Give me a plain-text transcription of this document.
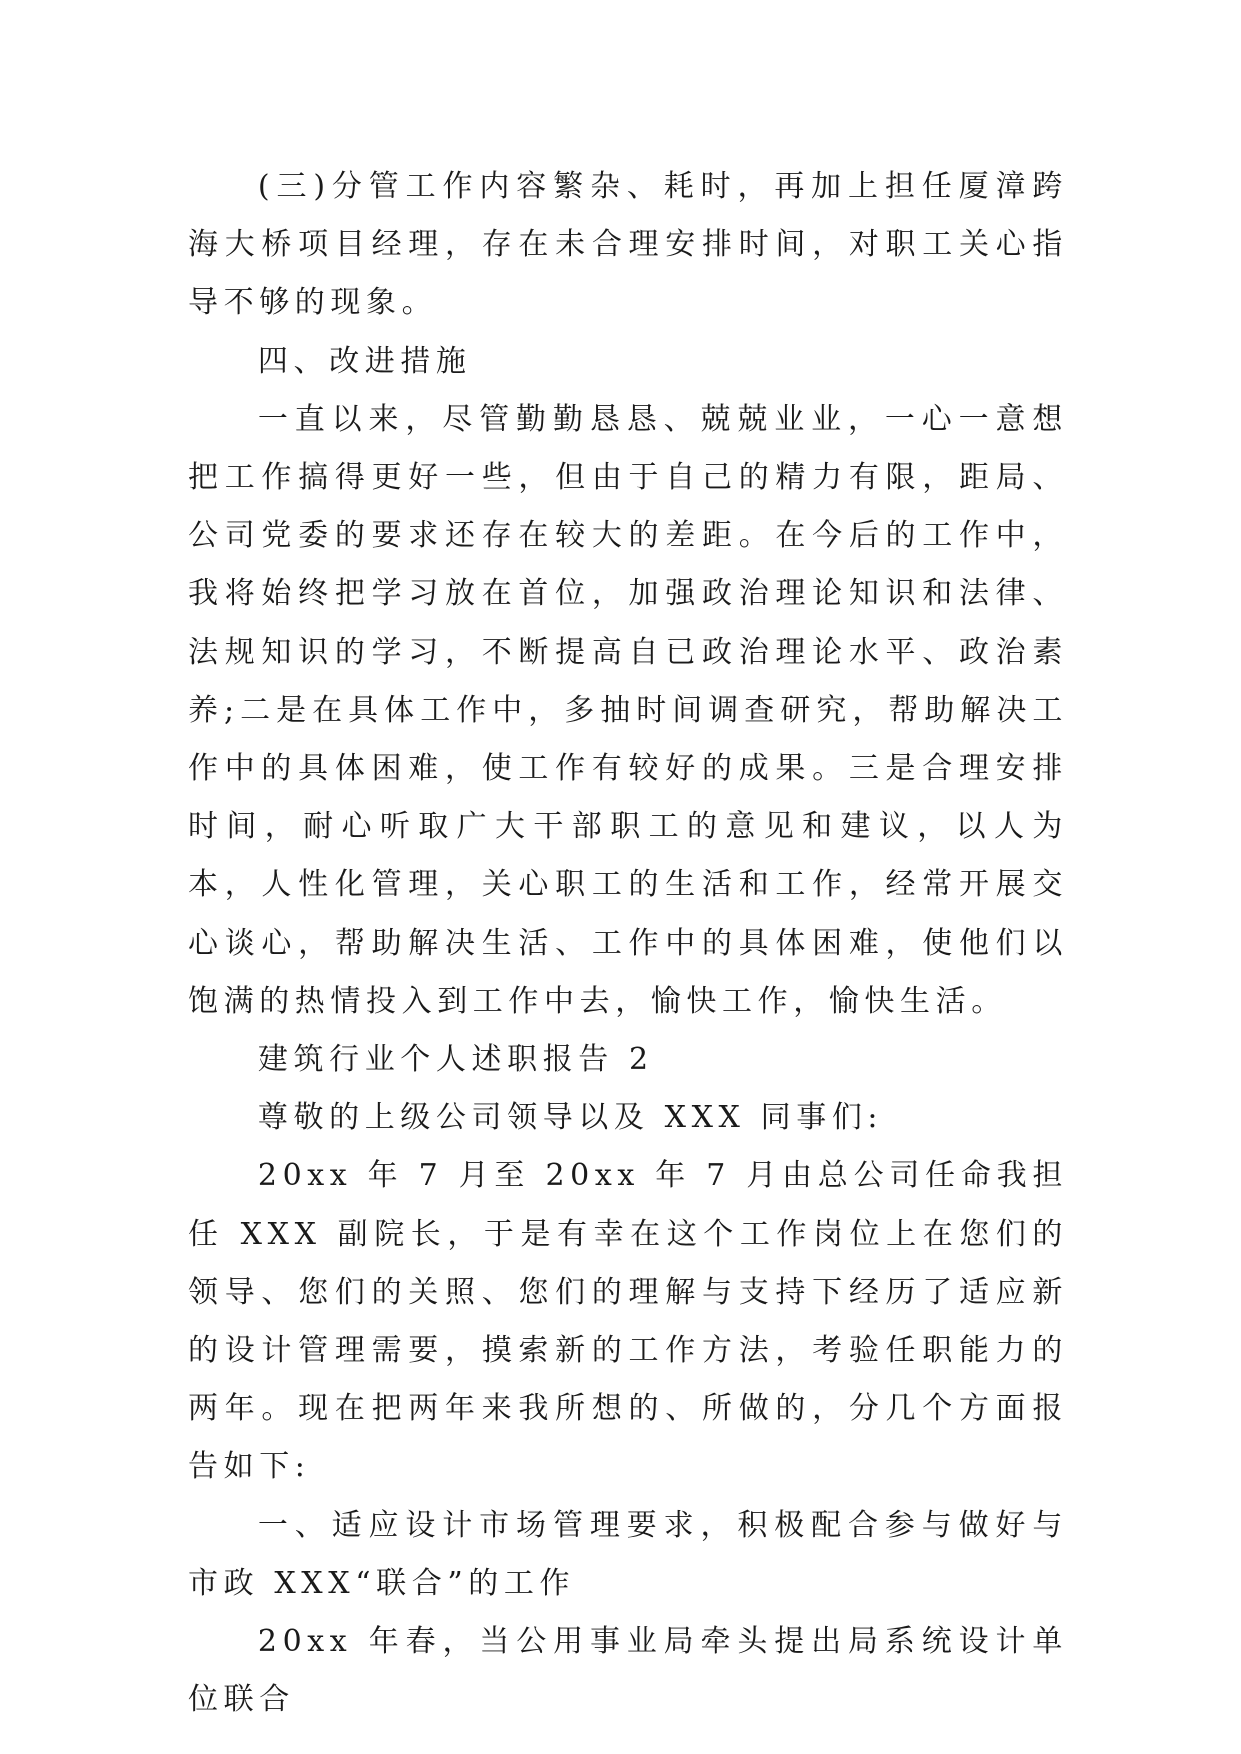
(三)分管工作内容繁杂、耗时，再加上担任厦漳跨海大桥项目经理，存在未合理安排时间，对职工关心指导不够的现象。

四、改进措施

一直以来，尽管勤勤恳恳、兢兢业业，一心一意想把工作搞得更好一些，但由于自己的精力有限，距局、公司党委的要求还存在较大的差距。在今后的工作中，我将始终把学习放在首位，加强政治理论知识和法律、法规知识的学习，不断提高自已政治理论水平、政治素养;二是在具体工作中，多抽时间调查研究，帮助解决工作中的具体困难，使工作有较好的成果。三是合理安排时间，耐心听取广大干部职工的意见和建议，以人为本，人性化管理，关心职工的生活和工作，经常开展交心谈心，帮助解决生活、工作中的具体困难，使他们以饱满的热情投入到工作中去，愉快工作，愉快生活。

建筑行业个人述职报告 2

尊敬的上级公司领导以及 XXX 同事们:

20xx 年 7 月至 20xx 年 7 月由总公司任命我担任 XXX 副院长，于是有幸在这个工作岗位上在您们的领导、您们的关照、您们的理解与支持下经历了适应新的设计管理需要，摸索新的工作方法，考验任职能力的两年。现在把两年来我所想的、所做的，分几个方面报告如下:

一、适应设计市场管理要求，积极配合参与做好与市政 XXX“联合”的工作

20xx 年春，当公用事业局牵头提出局系统设计单位联合
